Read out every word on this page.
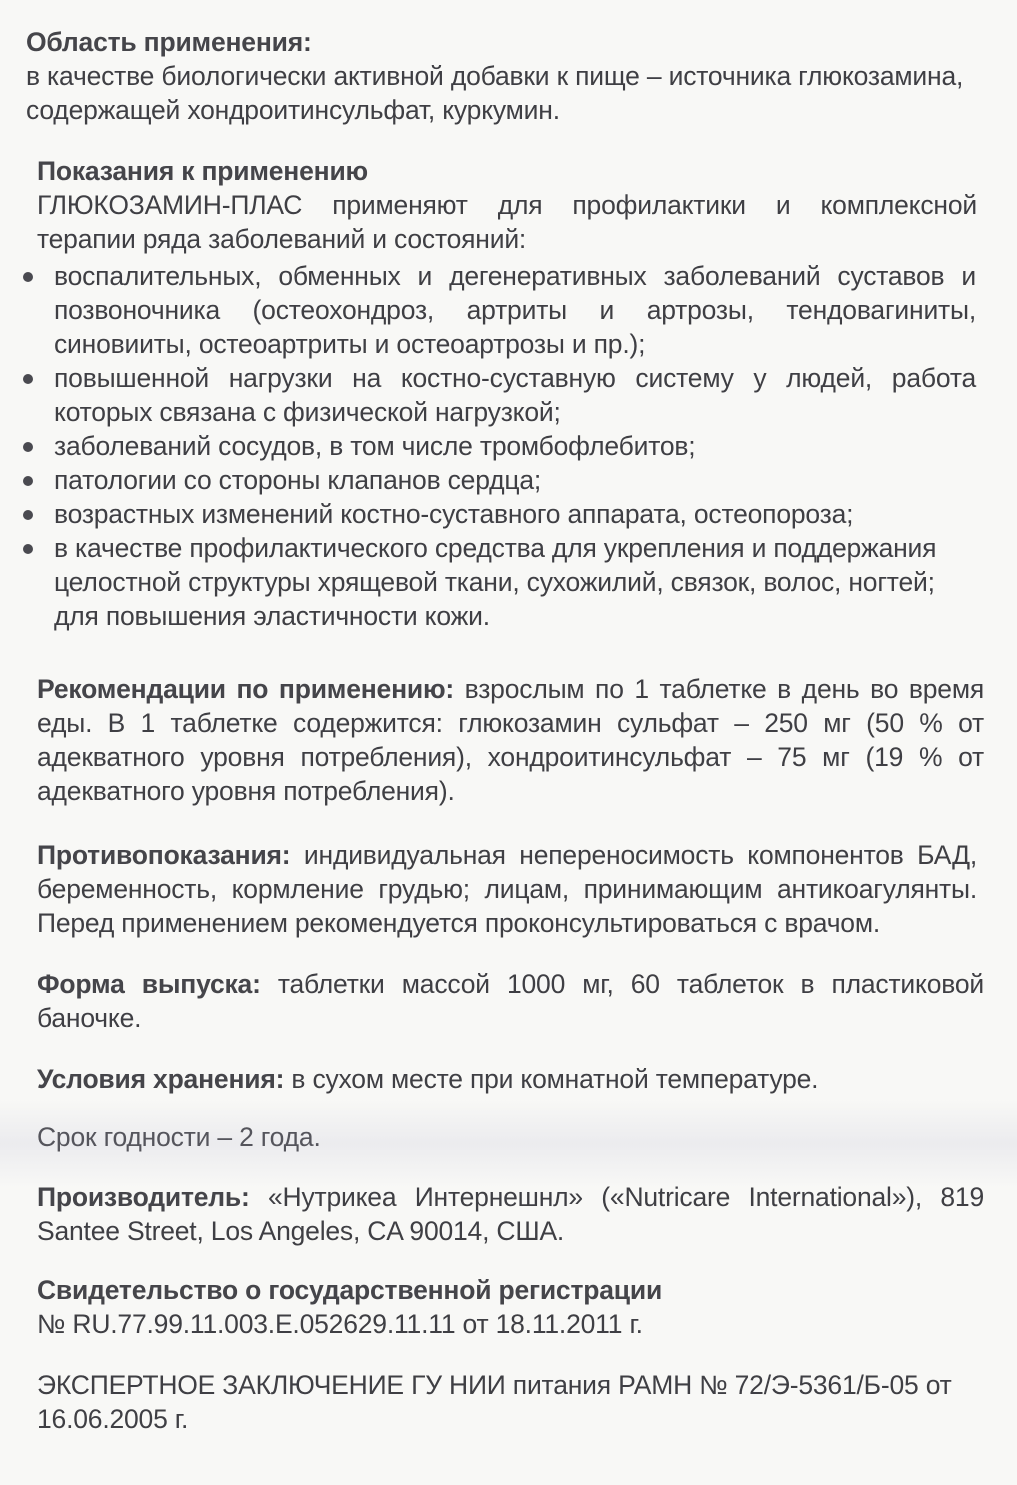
Область применения:
в качестве биологически активной добавки к пище – источника глюкозамина,
содержащей хондроитинсульфат, куркумин.
Показания к применению
ГЛЮКОЗАМИН-ПЛАС применяют для профилактики и комплексной
терапии ряда заболеваний и состояний:
воспалительных, обменных и дегенеративных заболеваний суставов и
позвоночника (остеохондроз, артриты и артрозы, тендовагиниты,
синовииты, остеоартриты и остеоартрозы и пр.);
повышенной нагрузки на костно-суставную систему у людей, работа
которых связана с физической нагрузкой;
заболеваний сосудов, в том числе тромбофлебитов;
патологии со стороны клапанов сердца;
возрастных изменений костно-суставного аппарата, остеопороза;
в качестве профилактического средства для укрепления и поддержания
целостной структуры хрящевой ткани, сухожилий, связок, волос, ногтей;
для повышения эластичности кожи.
Рекомендации по применению: взрослым по 1 таблетке в день во время
еды. В 1 таблетке содержится: глюкозамин сульфат – 250 мг (50 % от
адекватного уровня потребления), хондроитинсульфат – 75 мг (19 % от
адекватного уровня потребления).
Противопоказания: индивидуальная непереносимость компонентов БАД,
беременность, кормление грудью; лицам, принимающим антикоагулянты.
Перед применением рекомендуется проконсультироваться с врачом.
Форма выпуска: таблетки массой 1000 мг, 60 таблеток в пластиковой
баночке.
Условия хранения: в сухом месте при комнатной температуре.
Срок годности – 2 года.
Производитель: «Нутрикеа Интернешнл» («Nutricare International»), 819
Santee Street, Los Angeles, CA 90014, США.
Свидетельство о государственной регистрации
№ RU.77.99.11.003.E.052629.11.11 от 18.11.2011 г.
ЭКСПЕРТНОЕ ЗАКЛЮЧЕНИЕ ГУ НИИ питания РАМН № 72/Э-5361/Б-05 от
16.06.2005 г.
